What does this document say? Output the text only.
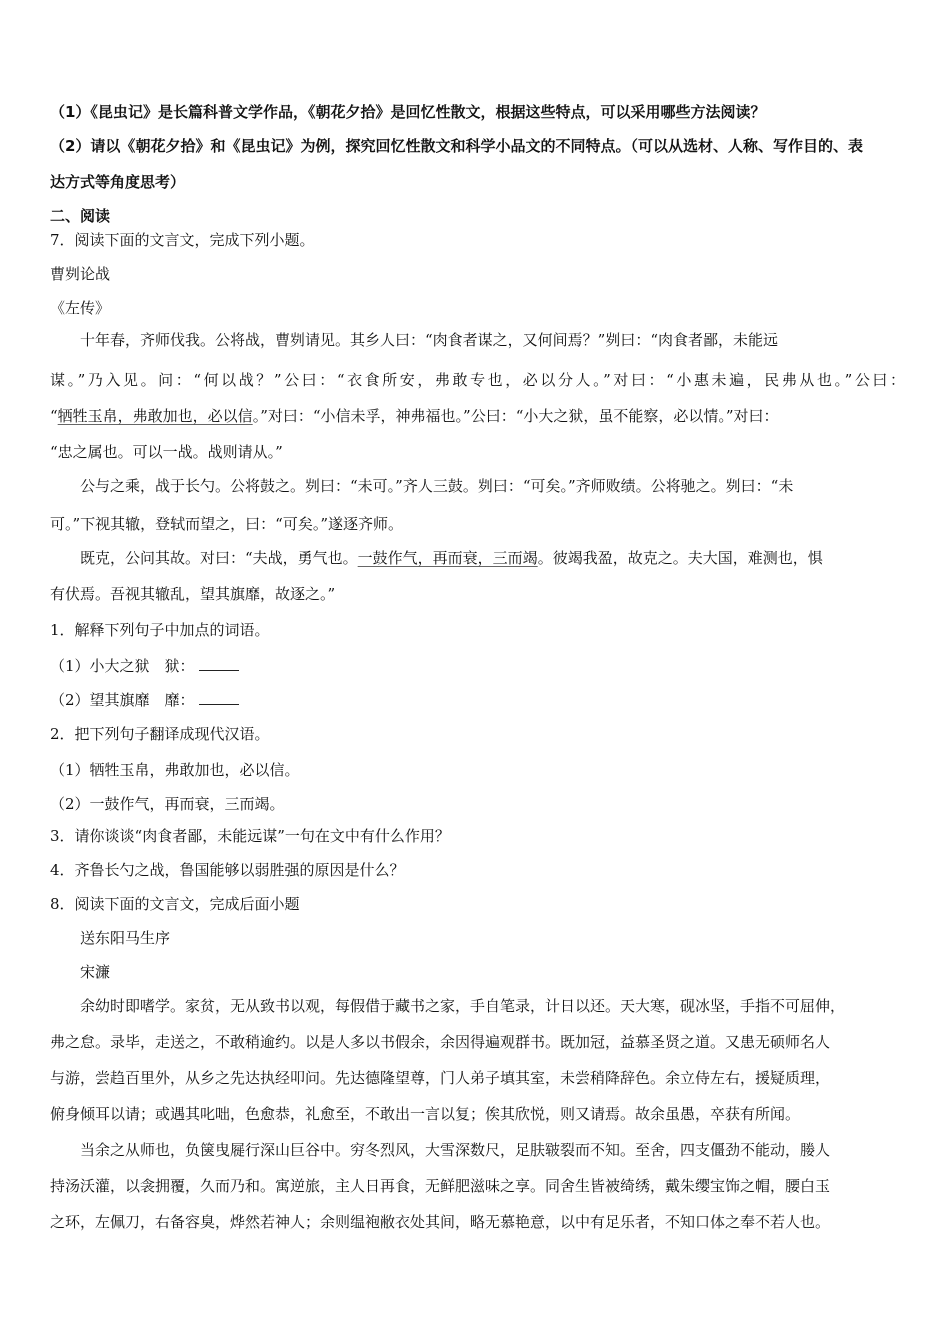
（1）《昆虫记》是长篇科普文学作品，《朝花夕拾》是回忆性散文，根据这些特点，可以采用哪些方法阅读？
（2）请以《朝花夕拾》和《昆虫记》为例，探究回忆性散文和科学小品文的不同特点。（可以从选材、人称、写作目的、表
达方式等角度思考）
二、阅读
7．阅读下面的文言文，完成下列小题。
曹刿论战
《左传》
十年春，齐师伐我。公将战，曹刿请见。其乡人曰：“肉食者谋之，又何间焉？”刿曰：“肉食者鄙，未能远
谋。”乃入见。问：“何以战？”公曰：“衣食所安，弗敢专也，必以分人。”对曰：“小惠未遍，民弗从也。”公曰：
“牺牲玉帛，弗敢加也，必以信。”对曰：“小信未孚，神弗福也。”公曰：“小大之狱，虽不能察，必以情。”对曰：
“忠之属也。可以一战。战则请从。”
公与之乘，战于长勺。公将鼓之。刿曰：“未可。”齐人三鼓。刿曰：“可矣。”齐师败绩。公将驰之。刿曰：“未
可。”下视其辙，登轼而望之，曰：“可矣。”遂逐齐师。
既克，公问其故。对曰：“夫战，勇气也。一鼓作气，再而衰，三而竭。彼竭我盈，故克之。夫大国，难测也，惧
有伏焉。吾视其辙乱，望其旗靡，故逐之。”
1．解释下列句子中加点的词语。
（1）小大之狱　狱：
（2）望其旗靡　靡：
2．把下列句子翻译成现代汉语。
（1）牺牲玉帛，弗敢加也，必以信。
（2）一鼓作气，再而衰，三而竭。
3．请你谈谈“肉食者鄙，未能远谋”一句在文中有什么作用？
4．齐鲁长勺之战，鲁国能够以弱胜强的原因是什么？
8．阅读下面的文言文，完成后面小题
送东阳马生序
宋濂
余幼时即嗜学。家贫，无从致书以观，每假借于藏书之家，手自笔录，计日以还。天大寒，砚冰坚，手指不可屈伸，
弗之怠。录毕，走送之，不敢稍逾约。以是人多以书假余，余因得遍观群书。既加冠，益慕圣贤之道。又患无硕师名人
与游，尝趋百里外，从乡之先达执经叩问。先达德隆望尊，门人弟子填其室，未尝稍降辞色。余立侍左右，援疑质理，
俯身倾耳以请；或遇其叱咄，色愈恭，礼愈至，不敢出一言以复；俟其欣悦，则又请焉。故余虽愚，卒获有所闻。
当余之从师也，负箧曳屣行深山巨谷中。穷冬烈风，大雪深数尺，足肤皲裂而不知。至舍，四支僵劲不能动，媵人
持汤沃灌，以衾拥覆，久而乃和。寓逆旅，主人日再食，无鲜肥滋味之享。同舍生皆被绮绣，戴朱缨宝饰之帽，腰白玉
之环，左佩刀，右备容臭，烨然若神人；余则缊袍敝衣处其间，略无慕艳意，以中有足乐者，不知口体之奉不若人也。
